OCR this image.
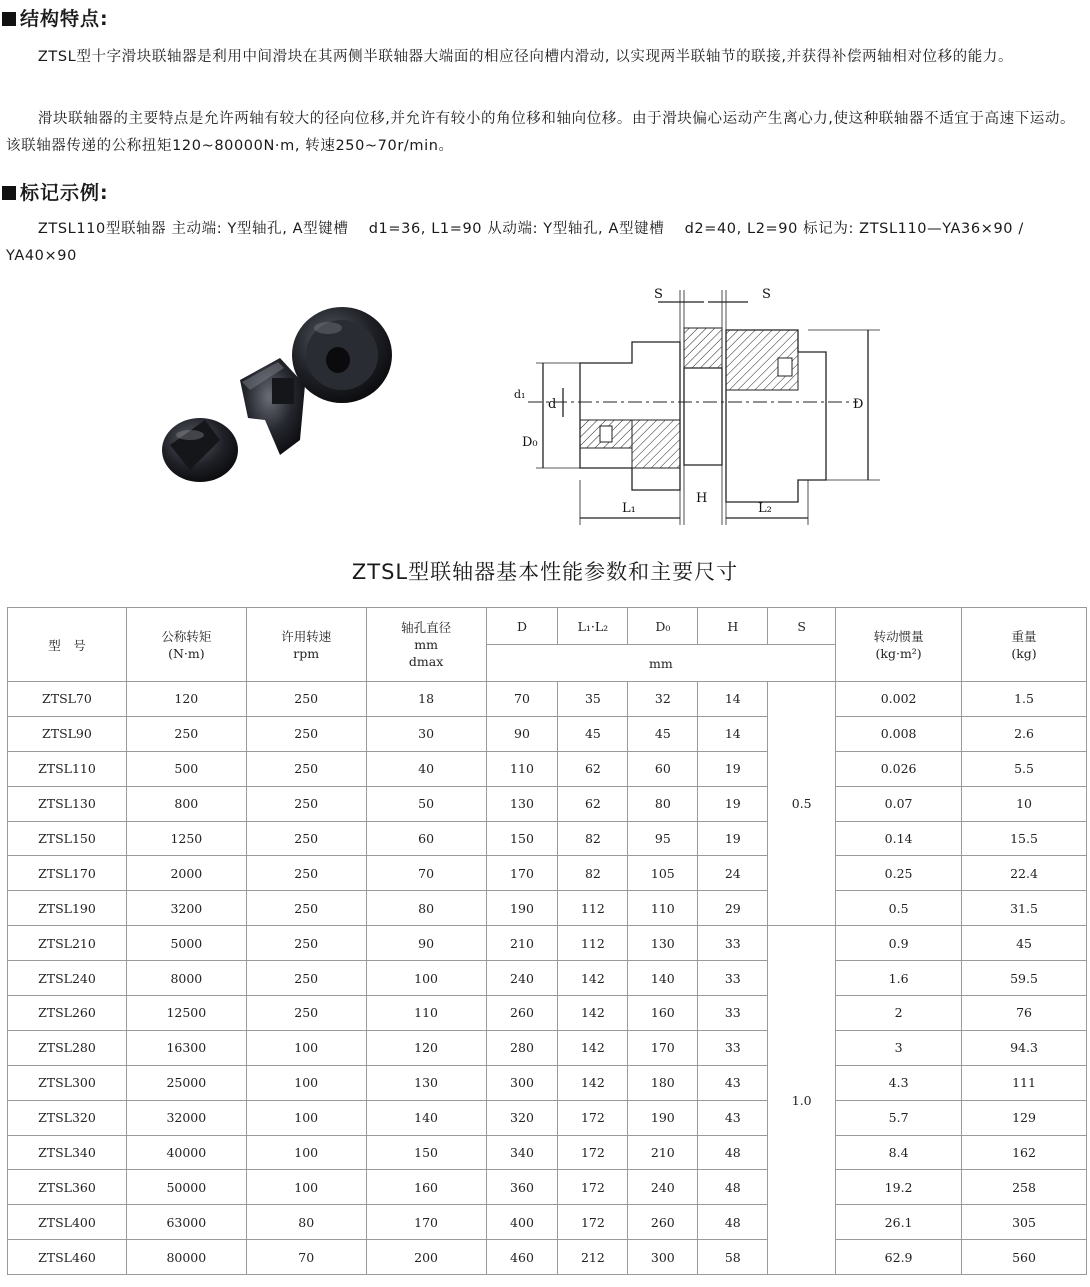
结构特点:
ZTSL型十字滑块联轴器是利用中间滑块在其两侧半联轴器大端面的相应径向槽内滑动, 以实现两半联轴节的联接,并获得补偿两轴相对位移的能力。
滑块联轴器的主要特点是允许两轴有较大的径向位移,并允许有较小的角位移和轴向位移。由于滑块偏心运动产生离心力,使这种联轴器不适宜于高速下运动。该联轴器传递的公称扭矩120~80000N·m, 转速250~70r/min。
标记示例:
ZTSL110型联轴器 主动端: Y型轴孔, A型键槽　 d1=36, L1=90 从动端: Y型轴孔, A型键槽　 d2=40, L2=90 标记为: ZTSL110—YA36×90 / YA40×90
S	S
d
d₁
D₀
D
L₁
H
L₂
ZTSL型联轴器基本性能参数和主要尺寸
型　号	公称转矩
(N·m)	许用转速
rpm	轴孔直径
mm
dmax	D	L₁·L₂	D₀	H	S	转动惯量
(kg·m²)	重量
(kg)

				mm						
ZTSL70	120	250	18	70	35	32	14	0.5	0.002	1.5
ZTSL90	250	250	30	90	45	45	14		0.008	2.6
ZTSL110	500	250	40	110	62	60	19		0.026	5.5
ZTSL130	800	250	50	130	62	80	19		0.07	10
ZTSL150	1250	250	60	150	82	95	19		0.14	15.5
ZTSL170	2000	250	70	170	82	105	24		0.25	22.4
ZTSL190	3200	250	80	190	112	110	29		0.5	31.5
ZTSL210	5000	250	90	210	112	130	33	1.0	0.9	45
ZTSL240	8000	250	100	240	142	140	33		1.6	59.5
ZTSL260	12500	250	110	260	142	160	33		2	76
ZTSL280	16300	100	120	280	142	170	33		3	94.3
ZTSL300	25000	100	130	300	142	180	43		4.3	111
ZTSL320	32000	100	140	320	172	190	43		5.7	129
ZTSL340	40000	100	150	340	172	210	48		8.4	162
ZTSL360	50000	100	160	360	172	240	48		19.2	258
ZTSL400	63000	80	170	400	172	260	48		26.1	305
ZTSL460	80000	70	200	460	212	300	58		62.9	560
